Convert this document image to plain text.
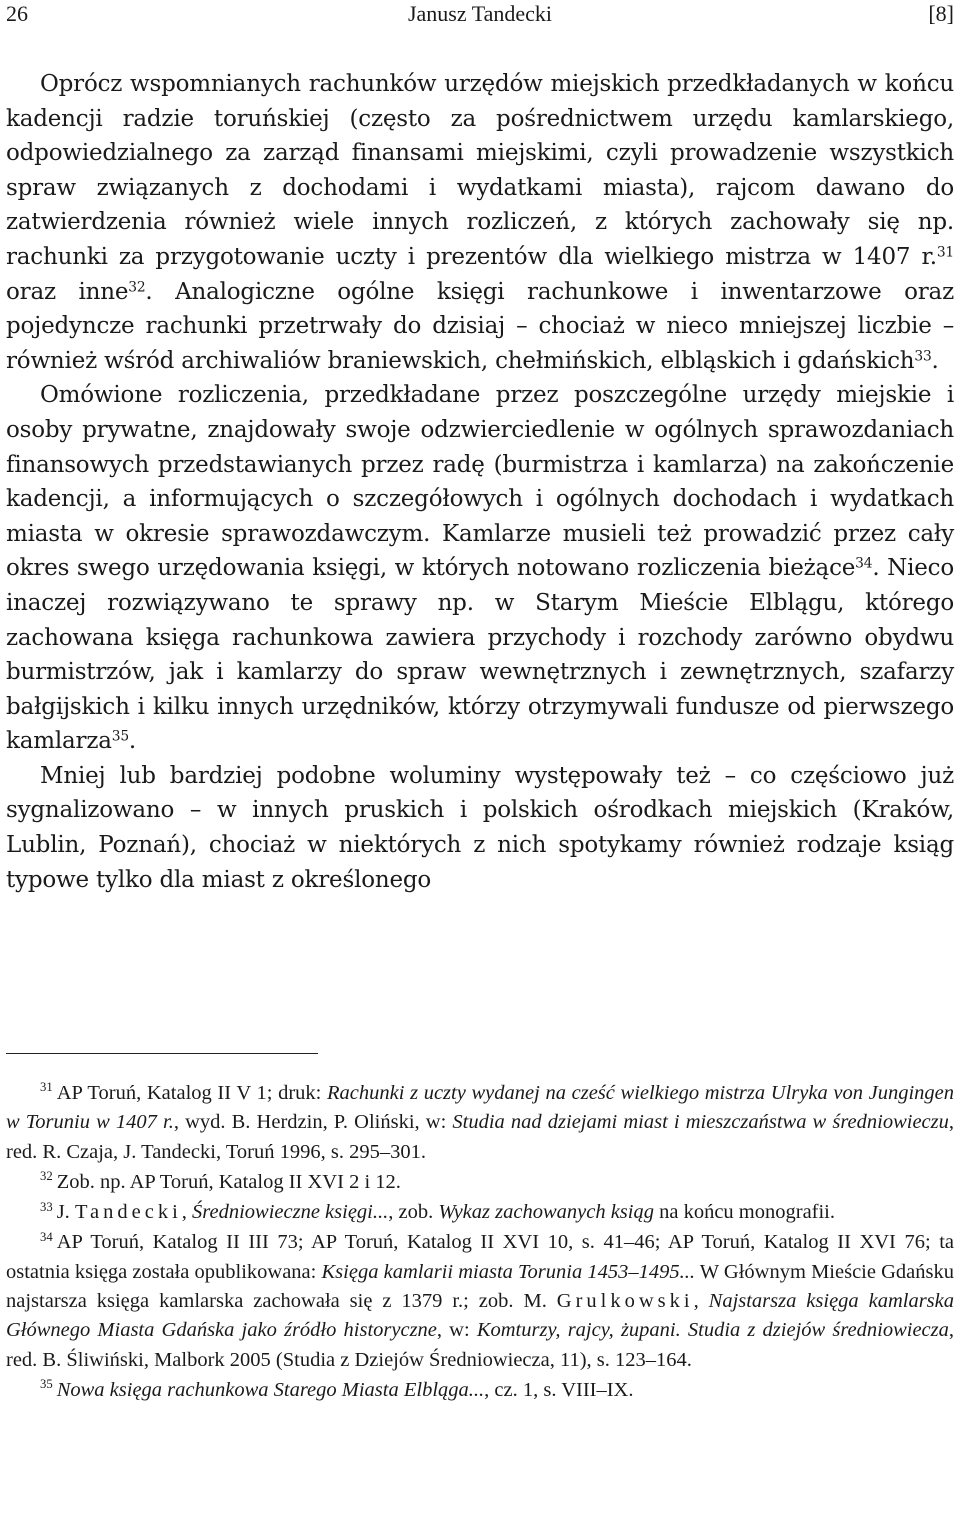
26	Janusz Tandecki	[8]

Oprócz wspomnianych rachunków urzędów miejskich przedkładanych w końcu kadencji radzie toruńskiej (często za pośrednictwem urzędu kamlarskiego, odpowiedzialnego za zarząd finansami miejskimi, czyli prowadzenie wszystkich spraw związanych z dochodami i wydatkami miasta), rajcom dawano do zatwierdzenia również wiele innych rozliczeń, z których zachowały się np. rachunki za przygotowanie uczty i prezentów dla wielkiego mistrza w 1407 r.$^{31}$ oraz inne$^{32}$. Analogiczne ogólne księgi rachunkowe i inwentarzowe oraz pojedyncze rachunki przetrwały do dzisiaj – chociaż w nieco mniejszej liczbie – również wśród archiwaliów braniewskich, chełmińskich, elbląskich i gdańskich$^{33}$.

Omówione rozliczenia, przedkładane przez poszczególne urzędy miejskie i osoby prywatne, znajdowały swoje odzwierciedlenie w ogólnych sprawozdaniach finansowych przedstawianych przez radę (burmistrza i kamlarza) na zakończenie kadencji, a informujących o szczegółowych i ogólnych dochodach i wydatkach miasta w okresie sprawozdawczym. Kamlarze musieli też prowadzić przez cały okres swego urzędowania księgi, w których notowano rozliczenia bieżące$^{34}$. Nieco inaczej rozwiązywano te sprawy np. w Starym Mieście Elblągu, którego zachowana księga rachunkowa zawiera przychody i rozchody zarówno obydwu burmistrzów, jak i kamlarzy do spraw wewnętrznych i zewnętrznych, szafarzy bałgijskich i kilku innych urzędników, którzy otrzymywali fundusze od pierwszego kamlarza$^{35}$.

Mniej lub bardziej podobne woluminy występowały też – co częściowo już sygnalizowano – w innych pruskich i polskich ośrodkach miejskich (Kraków, Lublin, Poznań), chociaż w niektórych z nich spotykamy również rodzaje ksiąg typowe tylko dla miast z określonego

$^{31}$ AP Toruń, Katalog II V 1; druk: Rachunki z uczty wydanej na cześć wielkiego mistrza Ulryka von Jungingen w Toruniu w 1407 r., wyd. B. Herdzin, P. Oliński, w: Studia nad dziejami miast i mieszczaństwa w średniowieczu, red. R. Czaja, J. Tandecki, Toruń 1996, s. 295–301.

$^{32}$ Zob. np. AP Toruń, Katalog II XVI 2 i 12.

$^{33}$ J. Tandecki, Średniowieczne księgi..., zob. Wykaz zachowanych ksiąg na końcu monografii.

$^{34}$ AP Toruń, Katalog II III 73; AP Toruń, Katalog II XVI 10, s. 41–46; AP Toruń, Katalog II XVI 76; ta ostatnia księga została opublikowana: Księga kamlarii miasta Torunia 1453–1495... W Głównym Mieście Gdańsku najstarsza księga kamlarska zachowała się z 1379 r.; zob. M. Grulkowski, Najstarsza księga kamlarska Głównego Miasta Gdańska jako źródło historyczne, w: Komturzy, rajcy, żupani. Studia z dziejów średniowiecza, red. B. Śliwiński, Malbork 2005 (Studia z Dziejów Średniowiecza, 11), s. 123–164.

$^{35}$ Nowa księga rachunkowa Starego Miasta Elbląga..., cz. 1, s. VIII–IX.
